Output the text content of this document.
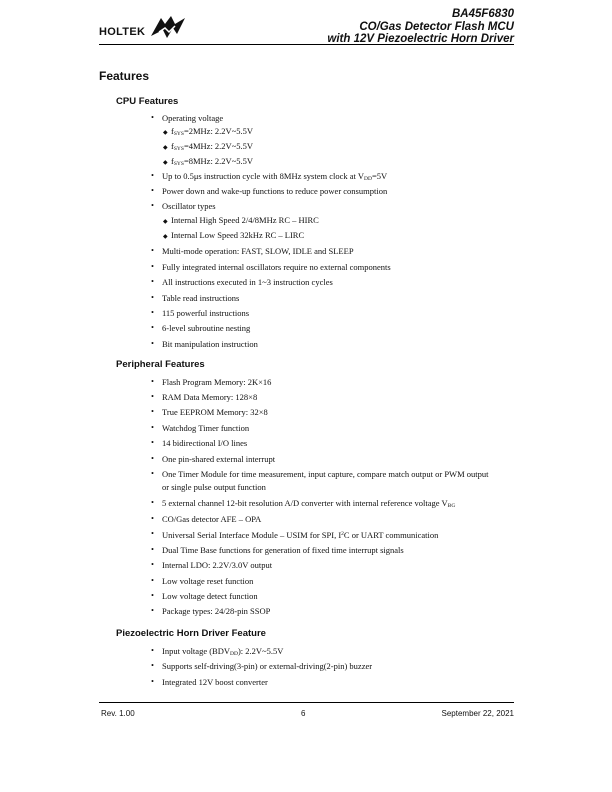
HOLTEK
BA45F6830
CO/Gas Detector Flash MCU
with 12V Piezoelectric Horn Driver
Features
CPU Features
• Operating voltage
◆ $f_{SYS}=2MHz$: 2.2V~5.5V
◆ $f_{SYS}=4MHz$: 2.2V~5.5V
◆ $f_{SYS}=8MHz$: 2.2V~5.5V
• Up to 0.5μs instruction cycle with 8MHz system clock at $V_{DD}=5V$
• Power down and wake-up functions to reduce power consumption
• Oscillator types
◆ Internal High Speed 2/4/8MHz RC – HIRC
◆ Internal Low Speed 32kHz RC – LIRC
• Multi-mode operation: FAST, SLOW, IDLE and SLEEP
• Fully integrated internal oscillators require no external components
• All instructions executed in 1~3 instruction cycles
• Table read instructions
• 115 powerful instructions
• 6-level subroutine nesting
• Bit manipulation instruction
Peripheral Features
• Flash Program Memory: 2K×16
• RAM Data Memory: 128×8
• True EEPROM Memory: 32×8
• Watchdog Timer function
• 14 bidirectional I/O lines
• One pin-shared external interrupt
• One Timer Module for time measurement, input capture, compare match output or PWM output
or single pulse output function
• 5 external channel 12-bit resolution A/D converter with internal reference voltage $V_{BG}$
• CO/Gas detector AFE – OPA
• Universal Serial Interface Module – USIM for SPI, $I^2C$ or UART communication
• Dual Time Base functions for generation of fixed time interrupt signals
• Internal LDO: 2.2V/3.0V output
• Low voltage reset function
• Low voltage detect function
• Package types: 24/28-pin SSOP
Piezoelectric Horn Driver Feature
• Input voltage $(BDV_{DD})$: 2.2V~5.5V
• Supports self-driving(3-pin) or external-driving(2-pin) buzzer
• Integrated 12V boost converter
Rev. 1.00	6	September 22, 2021
